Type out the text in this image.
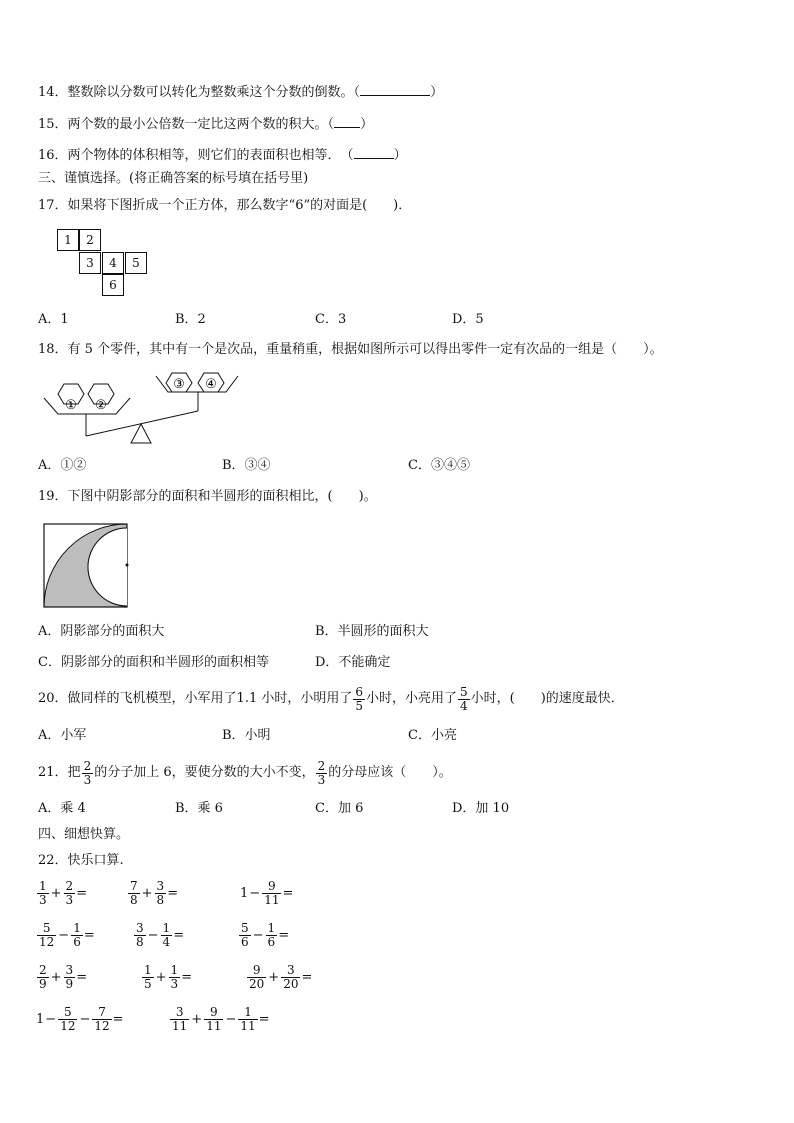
14．整数除以分数可以转化为整数乘这个分数的倒数。（	）
15．两个数的最小公倍数一定比这两个数的积大。（ ）
16．两个物体的体积相等，则它们的表面积也相等．　（	）
三、谨慎选择。(将正确答案的标号填在括号里)
17．如果将下图折成一个正方体，那么数字“6”的对面是(　　)．
1	2
3	4	5
6
A．1	B．2	C．3	D．5
18．有 5 个零件，其中有一个是次品，重量稍重，根据如图所示可以得出零件一定有次品的一组是（　　）。
① ②
③ ④
A．①②	B．③④	C．③④⑤
19．下图中阴影部分的面积和半圆形的面积相比，(　　)。
A．阴影部分的面积大	B．半圆形的面积大
C．阴影部分的面积和半圆形的面积相等	D．不能确定
20． 做同样的飞机模型，小军用了1.1 小时，小明用了 $\frac{6}{5}$ 小时，小亮用了 $\frac{5}{4}$ 小时，(　　)的速度最快．
A．小军	B．小明	C．小亮
21． 把 $\frac{2}{3}$ 的分子加上 6，要使分数的大小不变， $\frac{2}{3}$ 的分母应该（　　）。
A．乘 4	B．乘 6	C．加 6	D．加 10
四、细想快算。
22．快乐口算.
$\frac{1}{3} + \frac{2}{3}$ =	$\frac{7}{8} + \frac{3}{8}$ =	$1 - \frac{9}{11}$ =
$\frac{5}{12} - \frac{1}{6}$ =	$\frac{3}{8} - \frac{1}{4}$ =	$\frac{5}{6} - \frac{1}{6}$ =
$\frac{2}{9} + \frac{3}{9}$ =	$\frac{1}{5} + \frac{1}{3}$ =	$\frac{9}{20} + \frac{3}{20}$ =
$1 - \frac{5}{12} - \frac{7}{12}$ =	$\frac{3}{11} + \frac{9}{11} - \frac{1}{11}$ =
